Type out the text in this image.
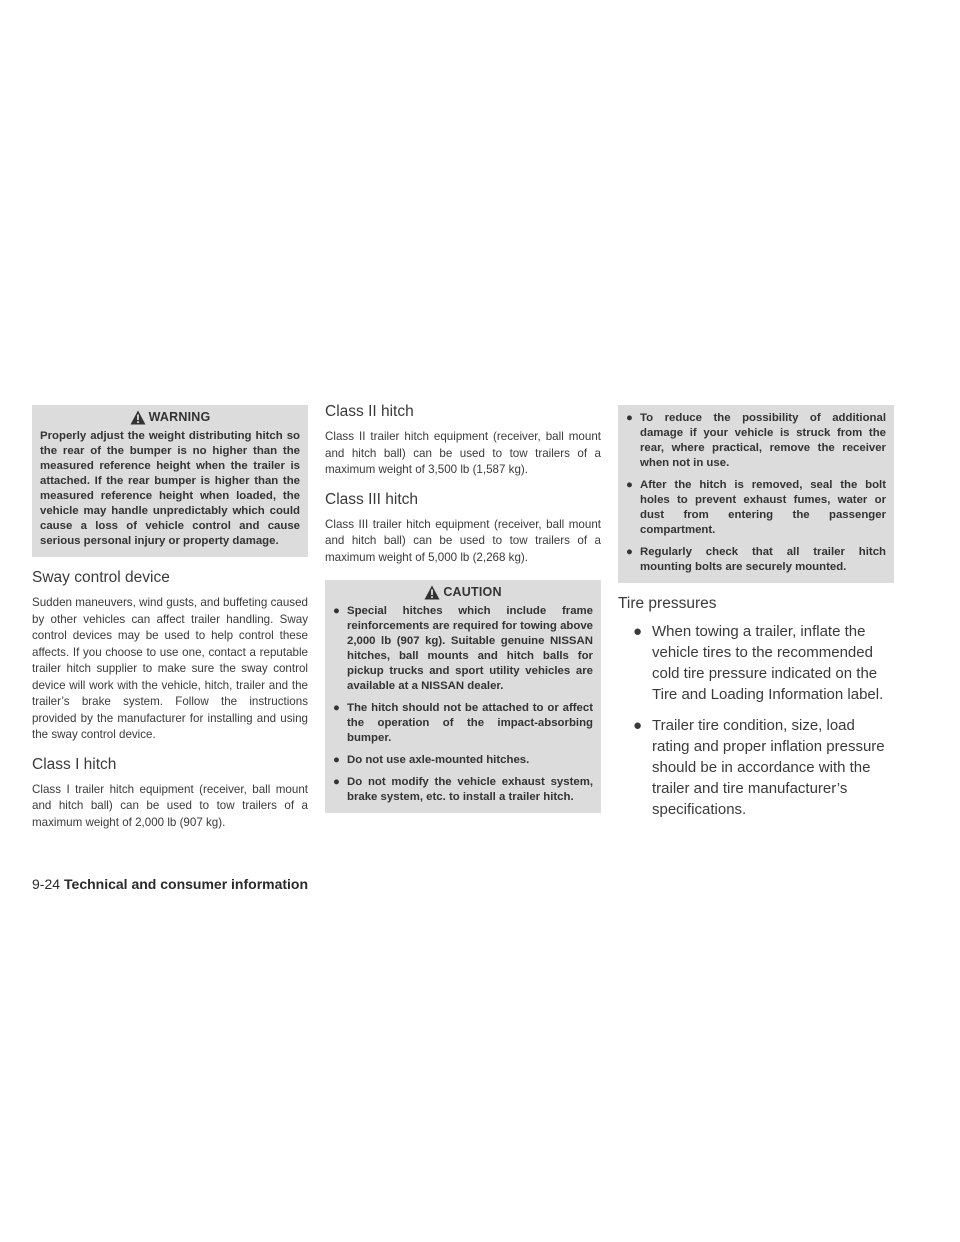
WARNING

Properly adjust the weight distributing hitch so the rear of the bumper is no higher than the measured reference height when the trailer is attached. If the rear bumper is higher than the measured reference height when loaded, the vehicle may handle unpredictably which could cause a loss of vehicle control and cause serious personal injury or property damage.

Sway control device

Sudden maneuvers, wind gusts, and buffeting caused by other vehicles can affect trailer handling. Sway control devices may be used to help control these affects. If you choose to use one, contact a reputable trailer hitch supplier to make sure the sway control device will work with the vehicle, hitch, trailer and the trailer’s brake system. Follow the instructions provided by the manufacturer for installing and using the sway control device.

Class I hitch

Class I trailer hitch equipment (receiver, ball mount and hitch ball) can be used to tow trailers of a maximum weight of 2,000 lb (907 kg).

Class II hitch

Class II trailer hitch equipment (receiver, ball mount and hitch ball) can be used to tow trailers of a maximum weight of 3,500 lb (1,587 kg).

Class III hitch

Class III trailer hitch equipment (receiver, ball mount and hitch ball) can be used to tow trailers of a maximum weight of 5,000 lb (2,268 kg).

CAUTION
● Special hitches which include frame reinforcements are required for towing above 2,000 lb (907 kg). Suitable genuine NISSAN hitches, ball mounts and hitch balls for pickup trucks and sport utility vehicles are available at a NISSAN dealer.
● The hitch should not be attached to or affect the operation of the impact-absorbing bumper.
● Do not use axle-mounted hitches.
● Do not modify the vehicle exhaust system, brake system, etc. to install a trailer hitch.
● To reduce the possibility of additional damage if your vehicle is struck from the rear, where practical, remove the receiver when not in use.
● After the hitch is removed, seal the bolt holes to prevent exhaust fumes, water or dust from entering the passenger compartment.
● Regularly check that all trailer hitch mounting bolts are securely mounted.
Tire pressures
● When towing a trailer, inflate the vehicle tires to the recommended cold tire pressure indicated on the Tire and Loading Information label.
● Trailer tire condition, size, load rating and proper inflation pressure should be in accordance with the trailer and tire manufacturer’s specifications.
9-24 Technical and consumer information
